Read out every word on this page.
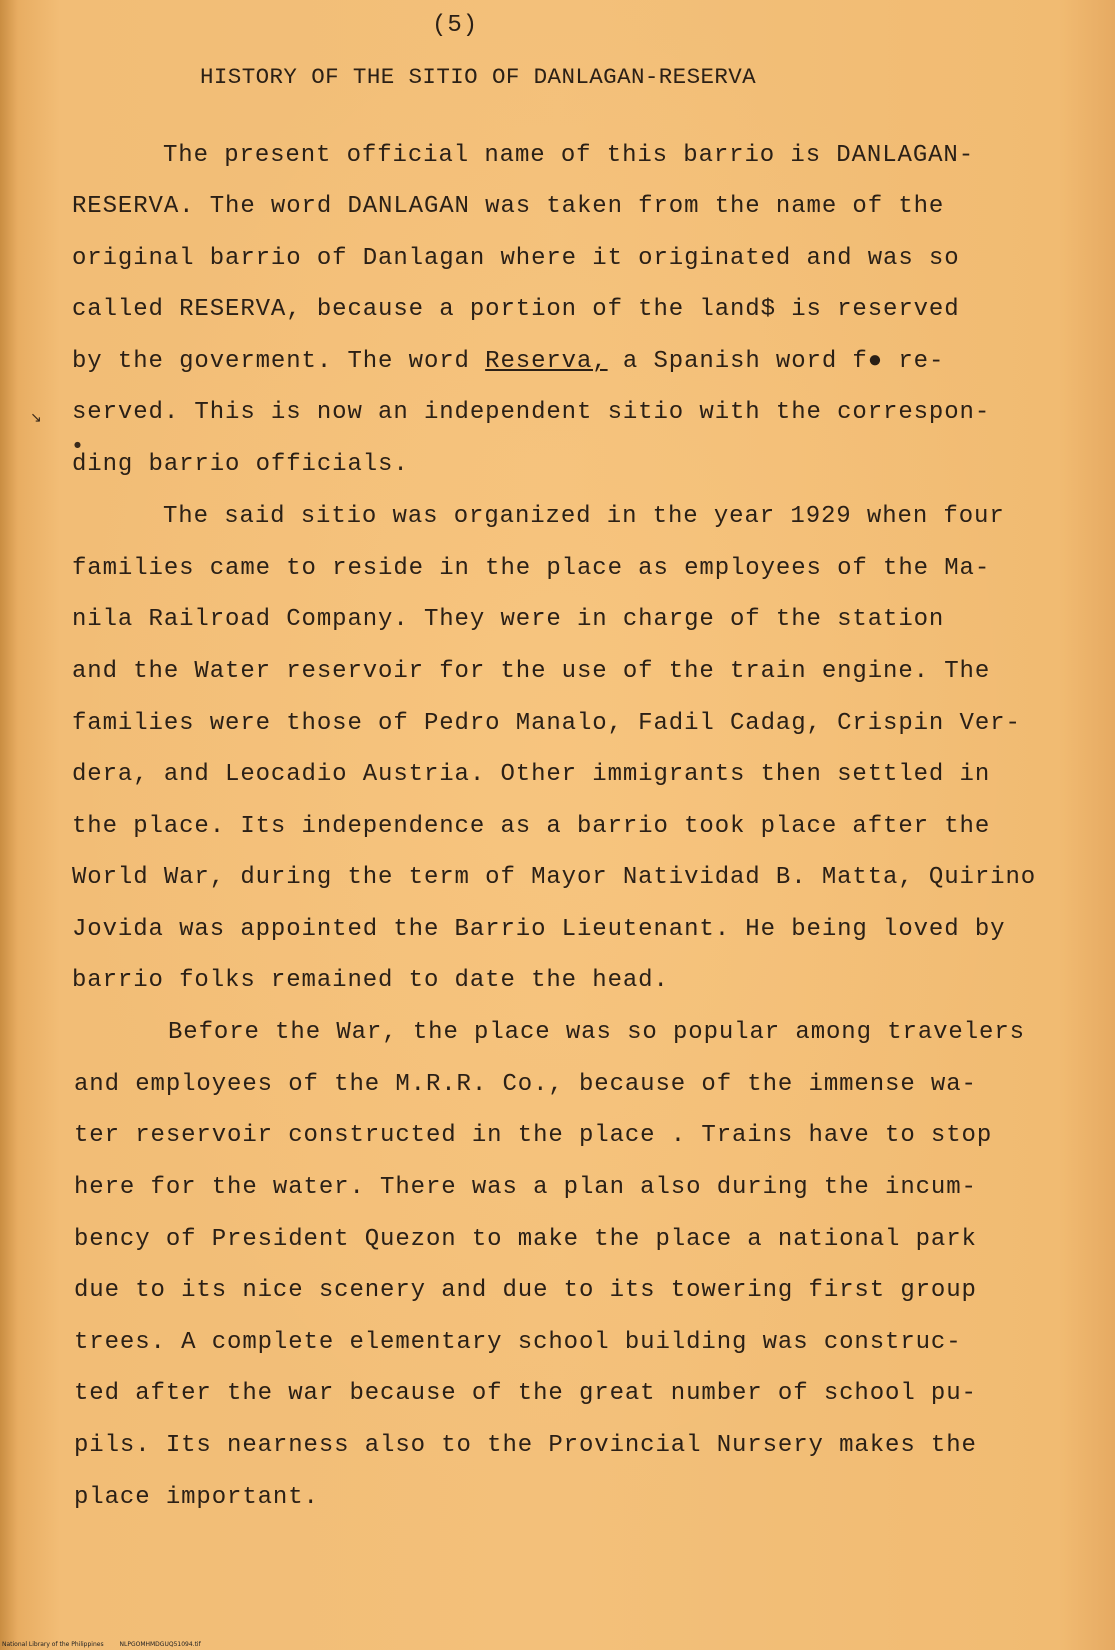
(5)
HISTORY OF THE SITIO OF DANLAGAN-RESERVA
The present official name of this barrio is DANLAGAN-
RESERVA. The word DANLAGAN was taken from the name of the
original barrio of Danlagan where it originated and was so
called RESERVA, because a portion of the land$ is reserved
by the goverment. The word Reserva, a Spanish word f● re-
served. This is now an independent sitio with the correspon-
ding barrio officials.
The said sitio was organized in the year 1929 when four
families came to reside in the place as employees of the Ma-
nila Railroad Company. They were in charge of the station
and the Water reservoir for the use of the train engine. The
families were those of Pedro Manalo, Fadil Cadag, Crispin Ver-
dera, and Leocadio Austria. Other immigrants then settled in
the place. Its independence as a barrio took place after the
World War, during the term of Mayor Natividad B. Matta, Quirino
Jovida was appointed the Barrio Lieutenant. He being loved by
barrio folks remained to date the head.
Before the War, the place was so popular among travelers
and employees of the M.R.R. Co., because of the immense wa-
ter reservoir constructed in the place . Trains have to stop
here for the water. There was a plan also during the incum-
bency of President Quezon to make the place a national park
due to its nice scenery and due to its towering first group
trees. A complete elementary school building was construc-
ted after the war because of the great number of school pu-
pils. Its nearness also to the Provincial Nursery makes the
place important.
↘
●
National Library of the Philippines	NLPGOMHMDGUQ51094.tif
